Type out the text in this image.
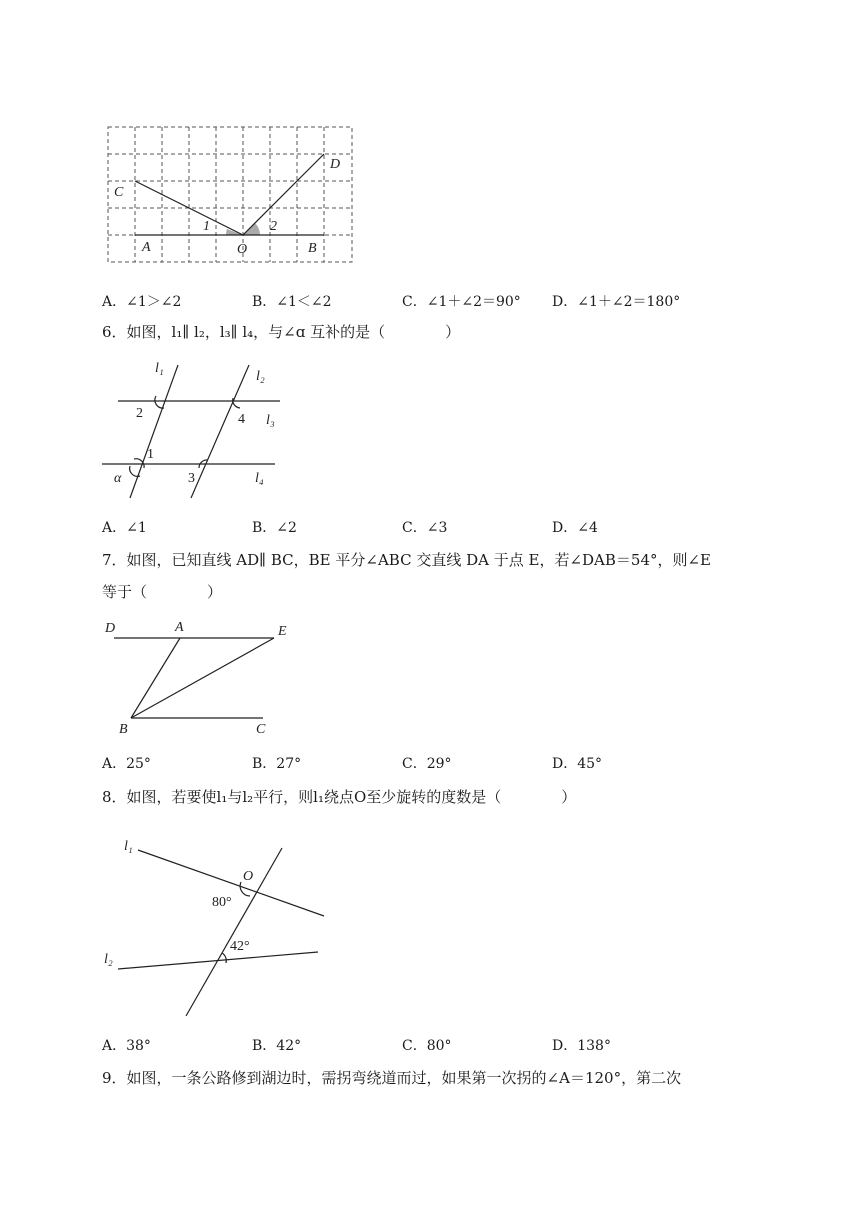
C
D
A	O	B
1	2
A．∠1＞∠2	B．∠1＜∠2	C．∠1＋∠2＝90° D．∠1＋∠2＝180°
6．如图，l₁∥ l₂，l₃∥ l₄，与∠ɑ 互补的是（　　　　）
l₁
l₂
l₃
l₄
2	4
1
3
α
A．∠1	B．∠2	C．∠3	D．∠4
7．如图，已知直线 AD∥ BC，BE 平分∠ABC 交直线 DA 于点 E，若∠DAB＝54°，则∠E
等于（　　　　）
D	A	E
B	C
A．25°	B．27°	C．29°	D．45°
8．如图，若要使l₁与l₂平行，则l₁绕点O至少旋转的度数是（　　　　）
l₁
l₂
O
80°
42°
A．38°	B．42°	C．80°	D．138°
9．如图，一条公路修到湖边时，需拐弯绕道而过，如果第一次拐的∠A＝120°，第二次
